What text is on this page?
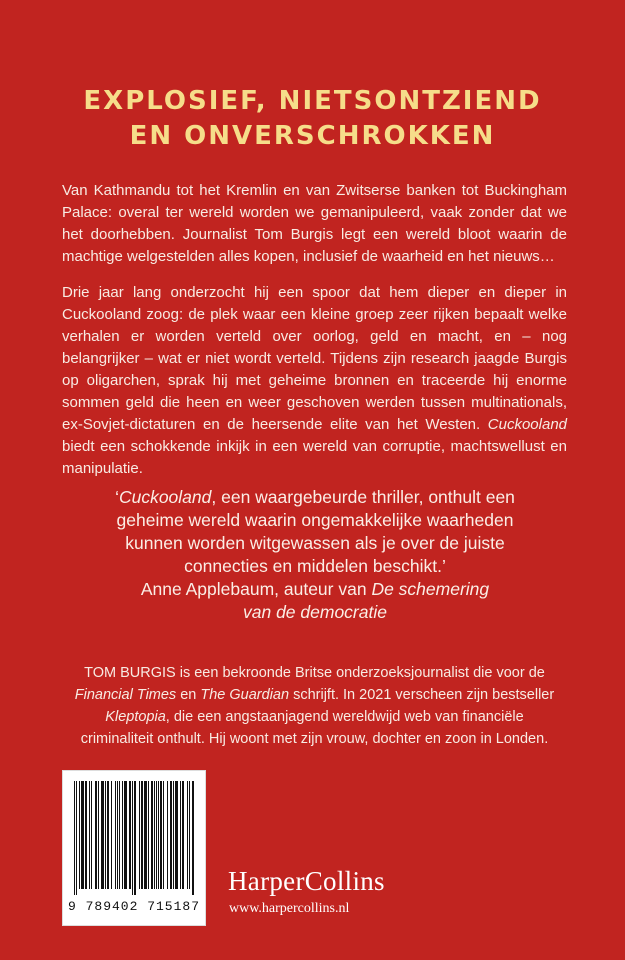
EXPLOSIEF, NIETSONTZIEND
EN ONVERSCHROKKEN

Van Kathmandu tot het Kremlin en van Zwitserse banken tot Buckingham Palace: overal ter wereld worden we gemanipuleerd, vaak zonder dat we het doorhebben. Journalist Tom Burgis legt een wereld bloot waarin de machtige welgestelden alles kopen, inclusief de waarheid en het nieuws…

Drie jaar lang onderzocht hij een spoor dat hem dieper en dieper in Cuckooland zoog: de plek waar een kleine groep zeer rijken bepaalt welke verhalen er worden verteld over oorlog, geld en macht, en – nog belangrijker – wat er niet wordt verteld. Tijdens zijn research jaagde Burgis op oligarchen, sprak hij met geheime bronnen en traceerde hij enorme sommen geld die heen en weer geschoven werden tussen multinationals, ex-Sovjet-dictaturen en de heersende elite van het Westen. Cuckooland biedt een schokkende inkijk in een wereld van corruptie, machtswellust en manipulatie.

‘Cuckooland, een waargebeurde thriller, onthult een
geheime wereld waarin ongemakkelijke waarheden
kunnen worden witgewassen als je over de juiste
connecties en middelen beschikt.’
Anne Applebaum, auteur van De schemering
van de democratie
TOM BURGIS is een bekroonde Britse onderzoeksjournalist die voor de
Financial Times en The Guardian schrijft. In 2021 verscheen zijn bestseller
Kleptopia, die een angstaanjagend wereldwijd web van financiële
criminaliteit onthult. Hij woont met zijn vrouw, dochter en zoon in Londen.
9 789402 715187
HarperCollins
www.harpercollins.nl
